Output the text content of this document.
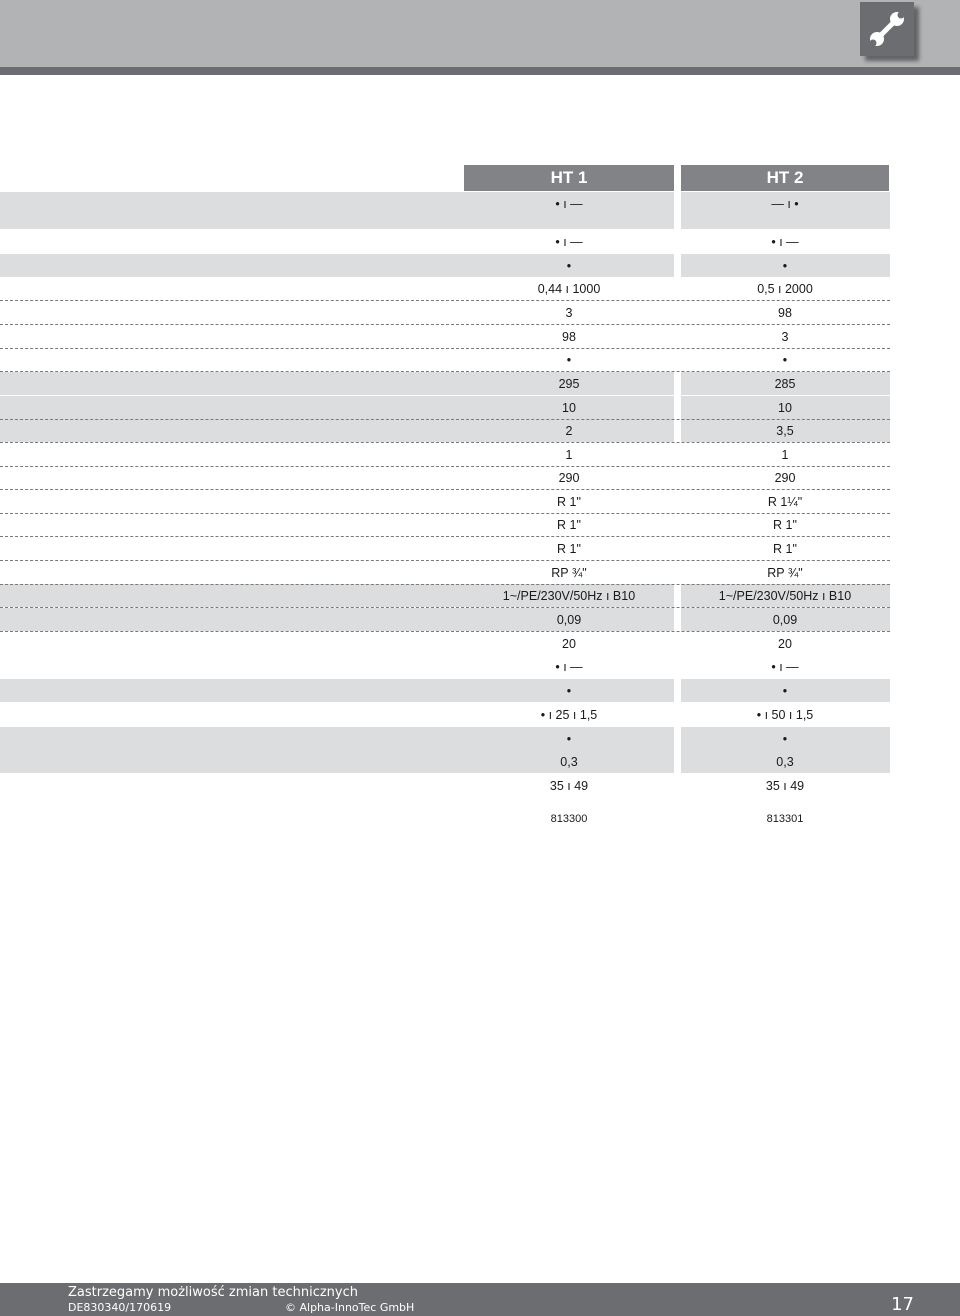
HT 1	HT 2
• ı —	— ı •
• ı —	• ı —
•	•
0,44 ı 1000	0,5 ı 2000
3	98
98	3
•	•
295	285
10	10
2	3,5
1	1
290	290
R 1"	R 1¼"
R 1"	R 1"
R 1"	R 1"
RP ¾"	RP ¾"
1~/PE/230V/50Hz ı B10	1~/PE/230V/50Hz ı B10
0,09	0,09
20	20
• ı —	• ı —
•	•
• ı 25 ı 1,5	• ı 50 ı 1,5
•	•
0,3	0,3
35 ı 49	35 ı 49
813300	813301
Zastrzegamy możliwość zmian technicznych
DE830340/170619	© Alpha-InnoTec GmbH	17
